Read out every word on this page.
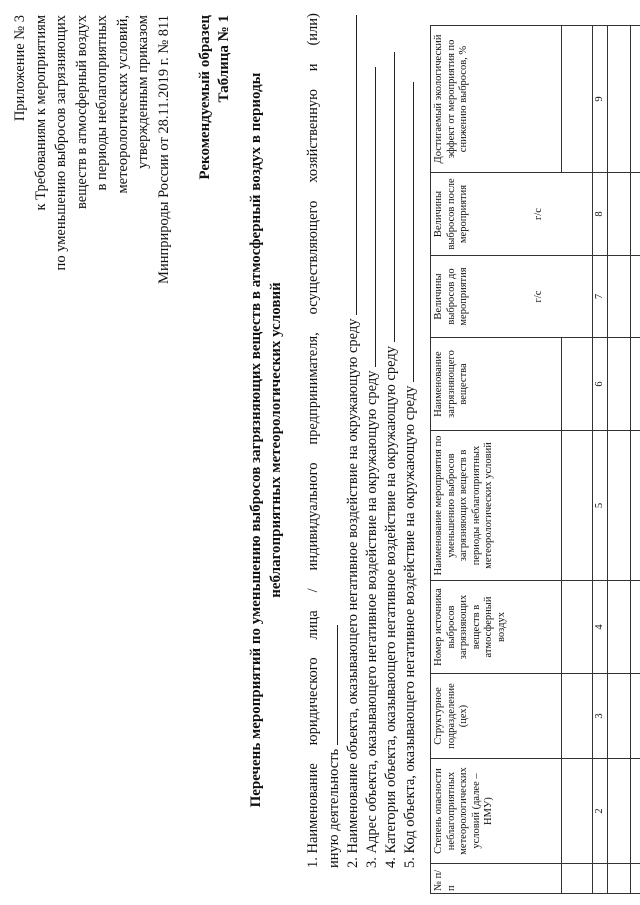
Приложение № 3 к Требованиям к мероприятиям по уменьшению выбросов загрязняющих веществ в атмосферный воздух в периоды неблагоприятных метеорологических условий, утвержденным приказом Минприроды России от 28.11.2019 г. № 811 Рекомендуемый образец Таблица № 1
Перечень мероприятий по уменьшению выбросов загрязняющих веществ в атмосферный воздух в периоды неблагоприятных метеорологических условий
1. Наименование
юридического
лица
/
индивидуального
предпринимателя,
осуществляющего
хозяйственную
и
(или)
иную деятельность 2. Наименование объекта, оказывающего негативное воздействие на окружающую среду 3. Адрес объекта, оказывающего негативное воздействие на окружающую среду 4. Категория объекта, оказывающего негативное воздействие на окружающую среду 5. Код объекта, оказывающего негативное воздействие на окружающую среду
№ п/п	Степень опасности неблагоприятных метеорологических условий (далее – НМУ)	Структурное подразделение (цех)	Номер источника выбросов загрязняющих веществ в атмосферный воздух	Наименование мероприятия по уменьшению выбросов загрязняющих веществ в периоды неблагоприятных метеорологических условий	Наименование загрязняющего вещества	Величины выбросов до мероприятия г/с	Величины выбросов после мероприятия г/с	Достигаемый экологический эффект от мероприятия по снижению выбросов, %

	2	3	4	5	6	7	8	9
